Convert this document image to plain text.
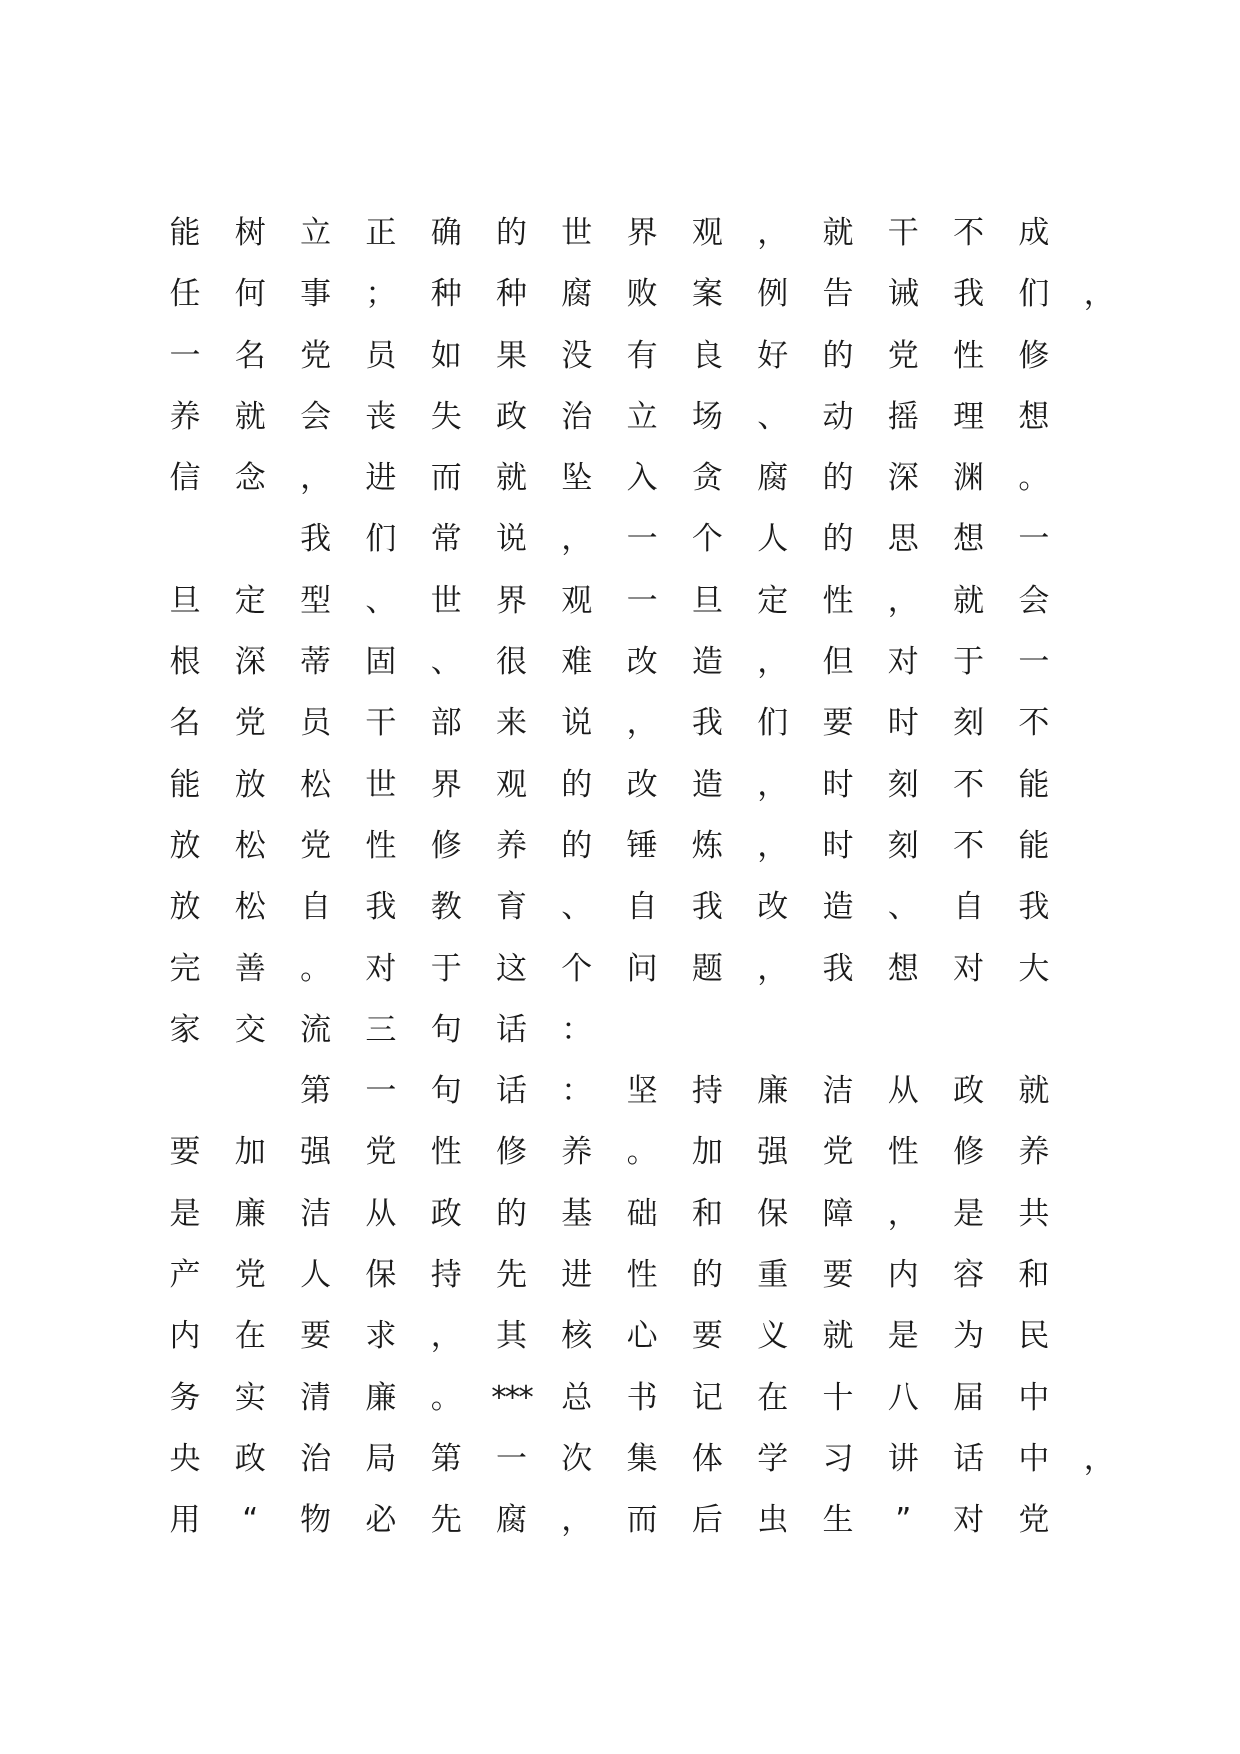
能 树 立 正 确 的 世 界 观 ， 就 干 不 成
任 何 事 ； 种 种 腐 败 案 例 告 诫 我 们 ，
一 名 党 员 如 果 没 有 良 好 的 党 性 修
养 就 会 丧 失 政 治 立 场 、 动 摇 理 想
信 念 ， 进 而 就 坠 入 贪 腐 的 深 渊 。
我 们 常 说 ， 一 个 人 的 思 想 一
旦 定 型 、 世 界 观 一 旦 定 性 ， 就 会
根 深 蒂 固 、 很 难 改 造 ， 但 对 于 一
名 党 员 干 部 来 说 ， 我 们 要 时 刻 不
能 放 松 世 界 观 的 改 造 ， 时 刻 不 能
放 松 党 性 修 养 的 锤 炼 ， 时 刻 不 能
放 松 自 我 教 育 、 自 我 改 造 、 自 我
完 善 。 对 于 这 个 问 题 ， 我 想 对 大
家 交 流 三 句 话 ：
第 一 句 话 ： 坚 持 廉 洁 从 政 就
要 加 强 党 性 修 养 。 加 强 党 性 修 养
是 廉 洁 从 政 的 基 础 和 保 障 ， 是 共
产 党 人 保 持 先 进 性 的 重 要 内 容 和
内 在 要 求 ， 其 核 心 要 义 就 是 为 民
务 实 清 廉 。 *** 总 书 记 在 十 八 届 中
央 政 治 局 第 一 次 集 体 学 习 讲 话 中 ，
用 “ 物 必 先 腐 ， 而 后 虫 生 ” 对 党
